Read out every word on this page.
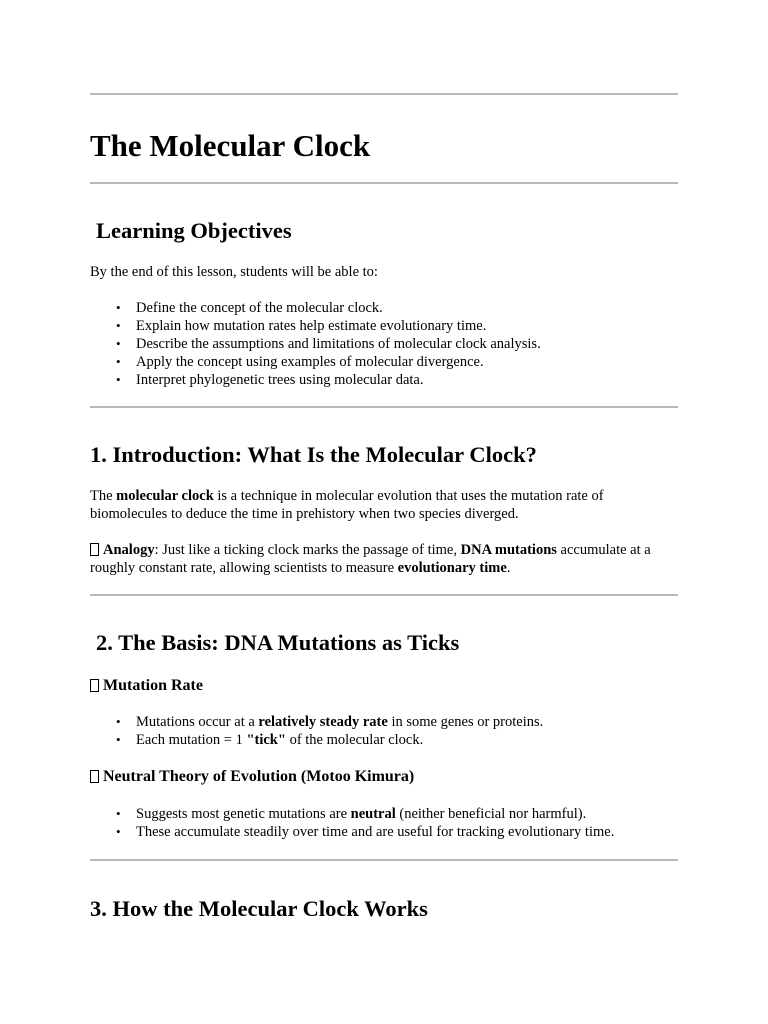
The Molecular Clock
Learning Objectives
By the end of this lesson, students will be able to:
• Define the concept of the molecular clock.
• Explain how mutation rates help estimate evolutionary time.
• Describe the assumptions and limitations of molecular clock analysis.
• Apply the concept using examples of molecular divergence.
• Interpret phylogenetic trees using molecular data.
1. Introduction: What Is the Molecular Clock?
The molecular clock is a technique in molecular evolution that uses the mutation rate of biomolecules to deduce the time in prehistory when two species diverged.
Analogy: Just like a ticking clock marks the passage of time, DNA mutations accumulate at a roughly constant rate, allowing scientists to measure evolutionary time.
2. The Basis: DNA Mutations as Ticks
Mutation Rate
• Mutations occur at a relatively steady rate in some genes or proteins.
• Each mutation = 1 "tick" of the molecular clock.
Neutral Theory of Evolution (Motoo Kimura)
• Suggests most genetic mutations are neutral (neither beneficial nor harmful).
• These accumulate steadily over time and are useful for tracking evolutionary time.
3. How the Molecular Clock Works
